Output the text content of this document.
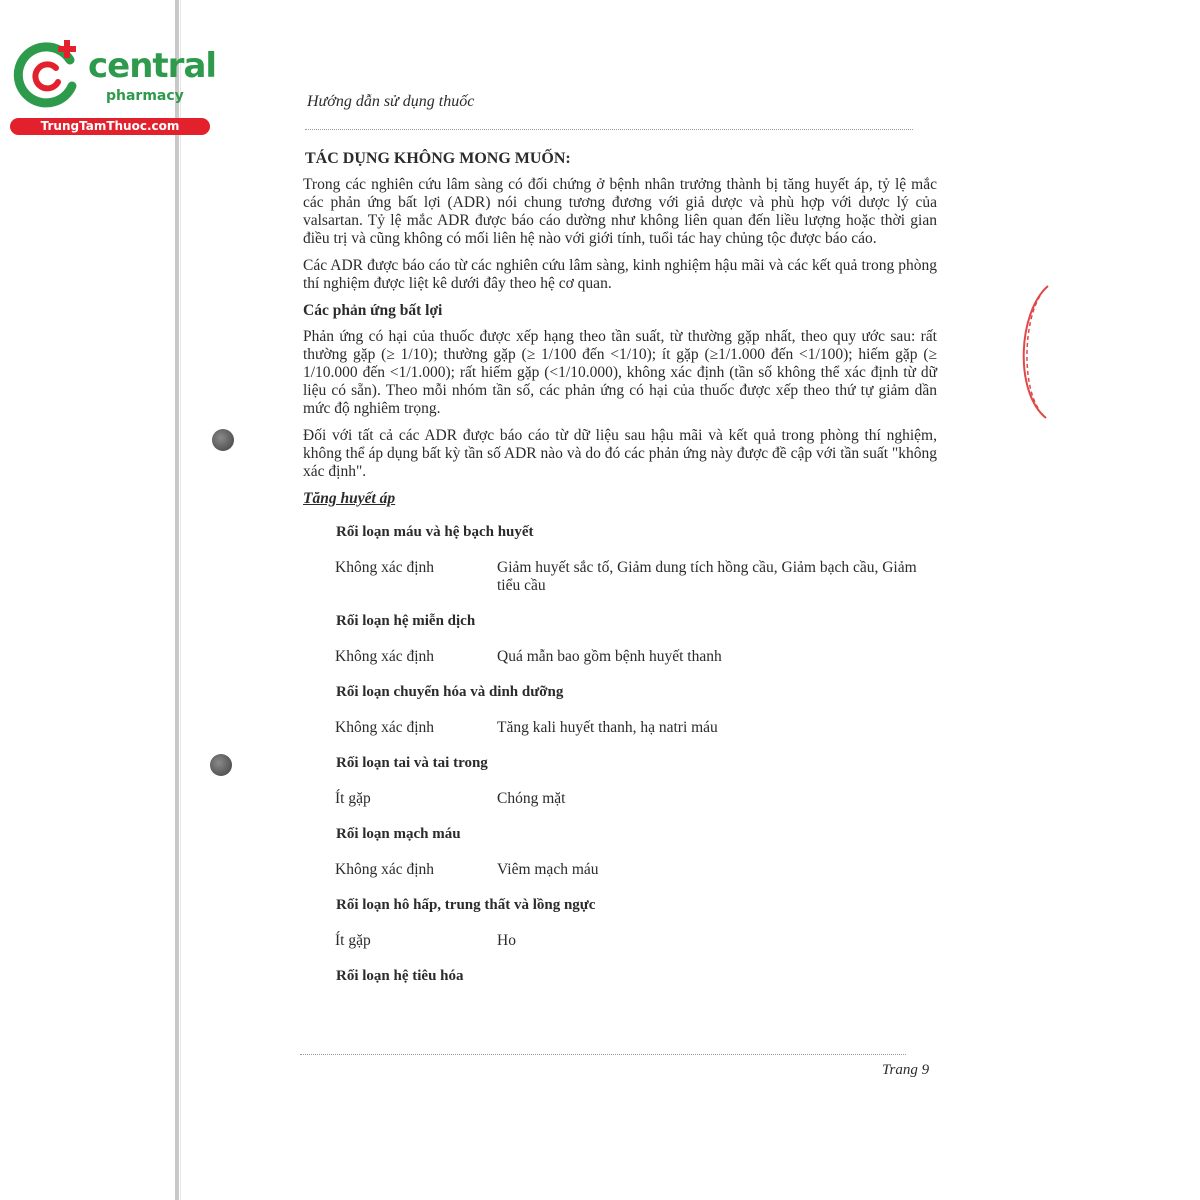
central
pharmacy
TrungTamThuoc.com
Hướng dẫn sử dụng thuốc
TÁC DỤNG KHÔNG MONG MUỐN:

Trong các nghiên cứu lâm sàng có đối chứng ở bệnh nhân trưởng thành bị tăng huyết áp, tỷ lệ mắc các phản ứng bất lợi (ADR) nói chung tương đương với giả dược và phù hợp với dược lý của valsartan. Tỷ lệ mắc ADR được báo cáo dường như không liên quan đến liều lượng hoặc thời gian điều trị và cũng không có mối liên hệ nào với giới tính, tuổi tác hay chủng tộc được báo cáo.

Các ADR được báo cáo từ các nghiên cứu lâm sàng, kinh nghiệm hậu mãi và các kết quả trong phòng thí nghiệm được liệt kê dưới đây theo hệ cơ quan.

Các phản ứng bất lợi

Phản ứng có hại của thuốc được xếp hạng theo tần suất, từ thường gặp nhất, theo quy ước sau: rất thường gặp (≥ 1/10); thường gặp (≥ 1/100 đến <1/10); ít gặp (≥1/1.000 đến <1/100); hiếm gặp (≥ 1/10.000 đến <1/1.000); rất hiếm gặp (<1/10.000), không xác định (tần số không thể xác định từ dữ liệu có sẵn). Theo mỗi nhóm tần số, các phản ứng có hại của thuốc được xếp theo thứ tự giảm dần mức độ nghiêm trọng.

Đối với tất cả các ADR được báo cáo từ dữ liệu sau hậu mãi và kết quả trong phòng thí nghiệm, không thể áp dụng bất kỳ tần số ADR nào và do đó các phản ứng này được đề cập với tần suất "không xác định".

Tăng huyết áp
Rối loạn máu và hệ bạch huyết
Không xác định	Giảm huyết sắc tố, Giảm dung tích hồng cầu, Giảm bạch cầu, Giảm tiểu cầu
Rối loạn hệ miễn dịch
Không xác định	Quá mẫn bao gồm bệnh huyết thanh
Rối loạn chuyển hóa và dinh dưỡng
Không xác định	Tăng kali huyết thanh, hạ natri máu
Rối loạn tai và tai trong
Ít gặp	Chóng mặt
Rối loạn mạch máu
Không xác định	Viêm mạch máu
Rối loạn hô hấp, trung thất và lồng ngực
Ít gặp	Ho
Rối loạn hệ tiêu hóa
Trang 9
